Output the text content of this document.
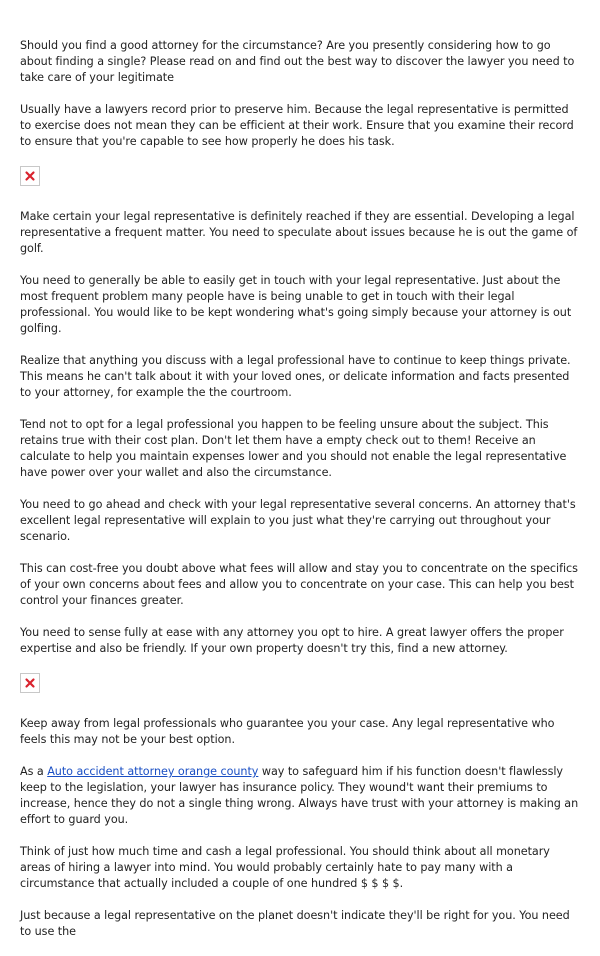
Should you find a good attorney for the circumstance? Are you presently considering how to go about finding a single? Please read on and find out the best way to discover the lawyer you need to take care of your legitimate

Usually have a lawyers record prior to preserve him. Because the legal representative is permitted to exercise does not mean they can be efficient at their work. Ensure that you examine their record to ensure that you're capable to see how properly he does his task.

Make certain your legal representative is definitely reached if they are essential. Developing a legal representative a frequent matter. You need to speculate about issues because he is out the game of golf.

You need to generally be able to easily get in touch with your legal representative. Just about the most frequent problem many people have is being unable to get in touch with their legal professional. You would like to be kept wondering what's going simply because your attorney is out golfing.

Realize that anything you discuss with a legal professional have to continue to keep things private. This means he can't talk about it with your loved ones, or delicate information and facts presented to your attorney, for example the the courtroom.

Tend not to opt for a legal professional you happen to be feeling unsure about the subject. This retains true with their cost plan. Don't let them have a empty check out to them! Receive an calculate to help you maintain expenses lower and you should not enable the legal representative have power over your wallet and also the circumstance.

You need to go ahead and check with your legal representative several concerns. An attorney that's excellent legal representative will explain to you just what they're carrying out throughout your scenario.

This can cost-free you doubt above what fees will allow and stay you to concentrate on the specifics of your own concerns about fees and allow you to concentrate on your case. This can help you best control your finances greater.

You need to sense fully at ease with any attorney you opt to hire. A great lawyer offers the proper expertise and also be friendly. If your own property doesn't try this, find a new attorney.

Keep away from legal professionals who guarantee you your case. Any legal representative who feels this may not be your best option.

As a Auto accident attorney orange county way to safeguard him if his function doesn't flawlessly keep to the legislation, your lawyer has insurance policy. They wound't want their premiums to increase, hence they do not a single thing wrong. Always have trust with your attorney is making an effort to guard you.

Think of just how much time and cash a legal professional. You should think about all monetary areas of hiring a lawyer into mind. You would probably certainly hate to pay many with a circumstance that actually included a couple of one hundred $ $ $ $.

Just because a legal representative on the planet doesn't indicate they'll be right for you. You need to use the
